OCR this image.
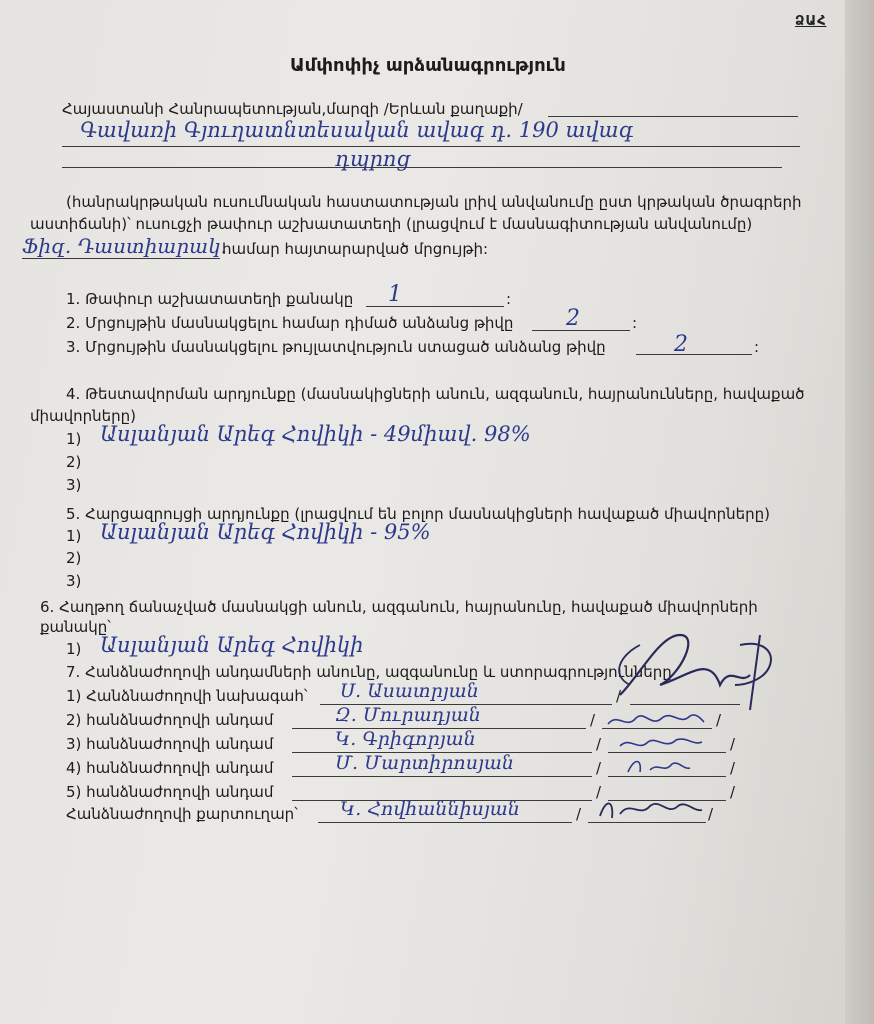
ՁԱՀ
Ամփոփիչ արձանագրություն
Հայաստանի Հանրապետության,մարզի /Երևան քաղաքի/
Գավառի Գյուղատնտեսական ավագ դ. 190 ավագ
դպրոց
(հանրակրթական ուսումնական հաստատության լրիվ անվանումը ըստ կրթական ծրագրերի
աստիճանի)՝ ուսուցչի թափուր աշխատատեղի (լրացվում է մասնագիտության անվանումը)
Ֆիզ. Դաստիարակ.
համար հայտարարված մրցույթի:
1. Թափուր աշխատատեղի քանակը 1	:
2. Մրցույթին մասնակցելու համար դիմած անձանց թիվը 2	:
3. Մրցույթին մասնակցելու թույլատվություն ստացած անձանց թիվը	2	:
4. Թեստավորման արդյունքը (մասնակիցների անուն, ազգանուն, հայրանունները, հավաքած
միավորները)
1) Ասլանյան Արեգ Հովիկի - 49միավ. 98%
2)
3)
5. Հարցազրույցի արդյունքը (լրացվում են բոլոր մասնակիցների հավաքած միավորները)
1) Ասլանյան Արեգ Հովիկի - 95%
2)
3)
6. Հաղթող ճանաչված մասնակցի անուն, ազգանուն, հայրանունը, հավաքած միավորների
քանակը՝
1) Ասլանյան Արեգ Հովիկի
7. Հանձնաժողովի անդամների անունը, ազգանունը և ստորագրությունները
1) Հանձնաժողովի նախագահ՝ Ս. Ասատրյան	/
2) հանձնաժողովի անդամ	Զ. Մուրադյան	/	/
3) հանձնաժողովի անդամ	Կ. Գրիգորյան	/	/
4) հանձնաժողովի անդամ	Մ. Մարտիրոսյան	/	/
5) հանձնաժողովի անդամ	/	/
Հանձնաժողովի քարտուղար՝ Կ. Հովհաննիսյան	/	/
